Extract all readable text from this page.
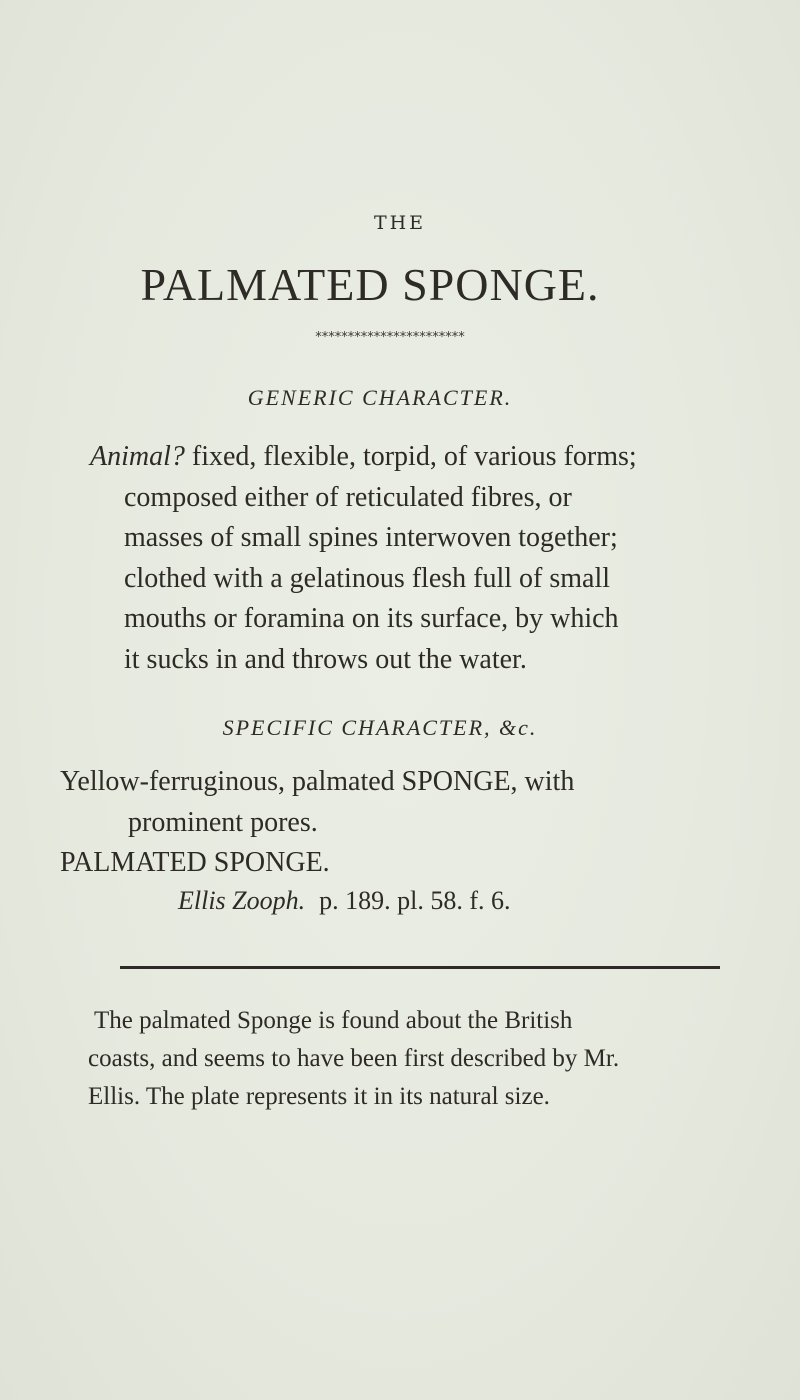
THE
PALMATED SPONGE.
***********************
GENERIC CHARACTER.
Animal? fixed, flexible, torpid, of various forms;
composed either of reticulated fibres, or
masses of small spines interwoven together;
clothed with a gelatinous flesh full of small
mouths or foramina on its surface, by which
it sucks in and throws out the water.
SPECIFIC CHARACTER, &c.
Yellow-ferruginous, palmated SPONGE, with
prominent pores.
PALMATED SPONGE.
Ellis Zooph. p. 189. pl. 58. f. 6.
The palmated Sponge is found about the British
coasts, and seems to have been first described by Mr.
Ellis. The plate represents it in its natural size.
